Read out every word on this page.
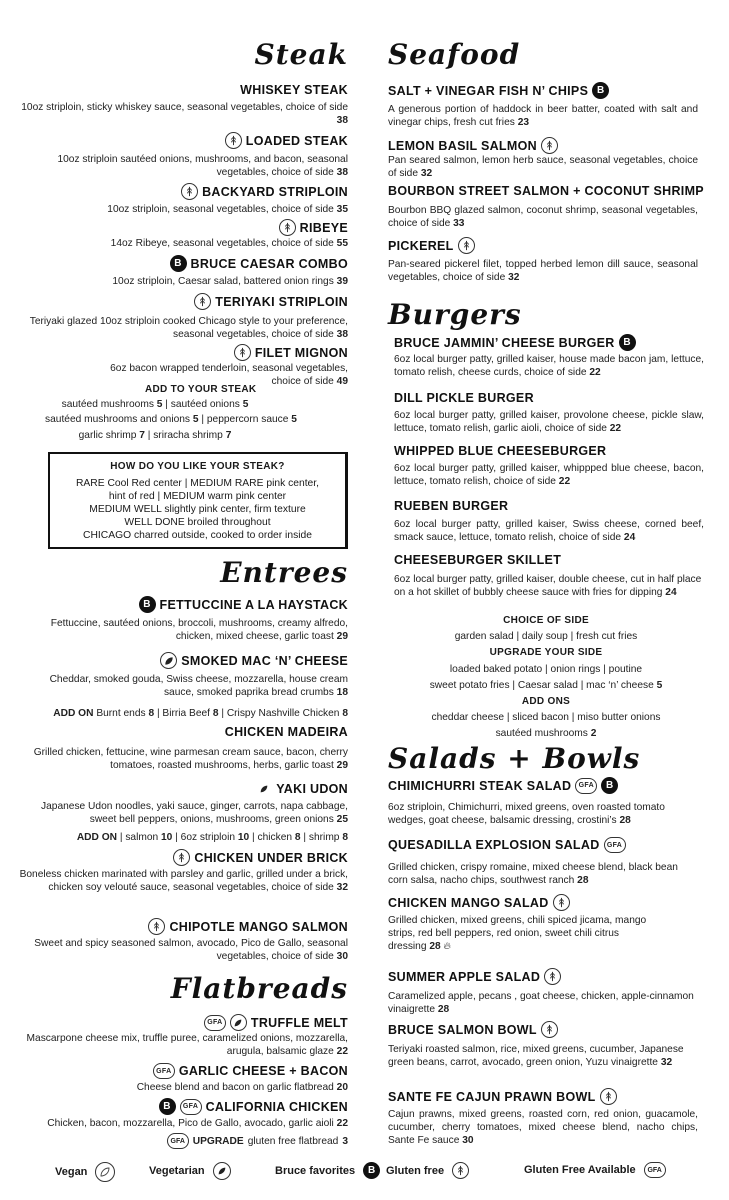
Steak
WHISKEY STEAK
10oz striploin, sticky whiskey sauce, seasonal vegetables, choice of side 38
LOADED STEAK
10oz striploin sautéed onions, mushrooms, and bacon, seasonal vegetables, choice of side 38
BACKYARD STRIPLOIN
10oz striploin, seasonal vegetables, choice of side 35
RIBEYE
14oz Ribeye, seasonal vegetables, choice of side 55
B BRUCE CAESAR COMBO
10oz striploin, Caesar salad, battered onion rings 39
TERIYAKI STRIPLOIN
Teriyaki glazed 10oz striploin cooked Chicago style to your preference, seasonal vegetables, choice of side 38
FILET MIGNON
6oz bacon wrapped tenderloin, seasonal vegetables, choice of side 49
ADD TO YOUR STEAK
sautéed mushrooms 5 | sautéed onions 5
sautéed mushrooms and onions 5 | peppercorn sauce 5
garlic shrimp 7 | sriracha shrimp 7
HOW DO YOU LIKE YOUR STEAK?
RARE Cool Red center | MEDIUM RARE pink center,
hint of red | MEDIUM warm pink center
MEDIUM WELL slightly pink center, firm texture
WELL DONE broiled throughout
CHICAGO charred outside, cooked to order inside
Entrees
B FETTUCCINE A LA HAYSTACK
Fettuccine, sautéed onions, broccoli, mushrooms, creamy alfredo, chicken, mixed cheese, garlic toast 29
SMOKED MAC ‘N’ CHEESE
Cheddar, smoked gouda, Swiss cheese, mozzarella, house cream sauce, smoked paprika bread crumbs 18
ADD ON Burnt ends 8 | Birria Beef 8 | Crispy Nashville Chicken 8
CHICKEN MADEIRA
Grilled chicken, fettucine, wine parmesan cream sauce, bacon, cherry tomatoes, roasted mushrooms, herbs, garlic toast 29
YAKI UDON
Japanese Udon noodles, yaki sauce, ginger, carrots, napa cabbage, sweet bell peppers, onions, mushrooms, green onions 25
ADD ON | salmon 10 | 6oz striploin 10 | chicken 8 | shrimp 8
CHICKEN UNDER BRICK
Boneless chicken marinated with parsley and garlic, grilled under a brick, chicken soy velouté sauce, seasonal vegetables, choice of side 32
CHIPOTLE MANGO SALMON
Sweet and spicy seasoned salmon, avocado, Pico de Gallo, seasonal vegetables, choice of side 30
Flatbreads
GFA TRUFFLE MELT
Mascarpone cheese mix, truffle puree, caramelized onions, mozzarella, arugula, balsamic glaze 22
GFA GARLIC CHEESE + BACON
Cheese blend and bacon on garlic flatbread 20
B	GFA CALIFORNIA CHICKEN
Chicken, bacon, mozzarella, Pico de Gallo, avocado, garlic aioli 22
GFA UPGRADE gluten free flatbread 3
Seafood
SALT + VINEGAR FISH N’ CHIPS B
A generous portion of haddock in beer batter, coated with salt and vinegar chips, fresh cut fries 23
LEMON BASIL SALMON
Pan seared salmon, lemon herb sauce, seasonal vegetables, choice of side 32
BOURBON STREET SALMON + COCONUT SHRIMP
Bourbon BBQ glazed salmon, coconut shrimp, seasonal vegetables, choice of side 33
PICKEREL
Pan-seared pickerel filet, topped herbed lemon dill sauce, seasonal vegetables, choice of side 32
Burgers
BRUCE JAMMIN’ CHEESE BURGER B
6oz local burger patty, grilled kaiser, house made bacon jam, lettuce, tomato relish, cheese curds, choice of side 22
DILL PICKLE BURGER
6oz local burger patty, grilled kaiser, provolone cheese, pickle slaw, lettuce, tomato relish, garlic aioli, choice of side 22
WHIPPED BLUE CHEESEBURGER
6oz local burger patty, grilled kaiser, whippped blue cheese, bacon, lettuce, tomato relish, choice of side 22
RUEBEN BURGER
6oz local burger patty, grilled kaiser, Swiss cheese, corned beef, smack sauce, lettuce, tomato relish, choice of side 24
CHEESEBURGER SKILLET
6oz local burger patty, grilled kaiser, double cheese, cut in half place on a hot skillet of bubbly cheese sauce with fries for dipping 24
CHOICE OF SIDE
garden salad | daily soup | fresh cut fries
UPGRADE YOUR SIDE
loaded baked potato | onion rings | poutine
sweet potato fries | Caesar salad | mac ‘n’ cheese 5
ADD ONS
cheddar cheese | sliced bacon | miso butter onions
sautéed mushrooms 2
Salads + Bowls
CHIMICHURRI STEAK SALAD	GFA	B
6oz striploin, Chimichurri, mixed greens, oven roasted tomato wedges, goat cheese, balsamic dressing, crostini’s 28
QUESADILLA EXPLOSION SALAD	GFA
Grilled chicken, crispy romaine, mixed cheese blend, black bean corn salsa, nacho chips, southwest ranch 28
CHICKEN MANGO SALAD
Grilled chicken, mixed greens, chili spiced jicama, mango strips, red bell peppers, red onion, sweet chili citrus dressing 28 🔥︎
SUMMER APPLE SALAD
Caramelized apple, pecans , goat cheese, chicken, apple-cinnamon vinaigrette 28
BRUCE SALMON BOWL
Teriyaki roasted salmon, rice, mixed greens, cucumber, Japanese green beans, carrot, avocado, green onion, Yuzu vinaigrette 32
SANTE FE CAJUN PRAWN BOWL
Cajun prawns, mixed greens, roasted corn, red onion, guacamole, cucumber, cherry tomatoes, mixed cheese blend, nacho chips, Sante Fe sauce 30
Vegan	Vegetarian	Bruce favorites	B Gluten free	Gluten Free Available	GFA
